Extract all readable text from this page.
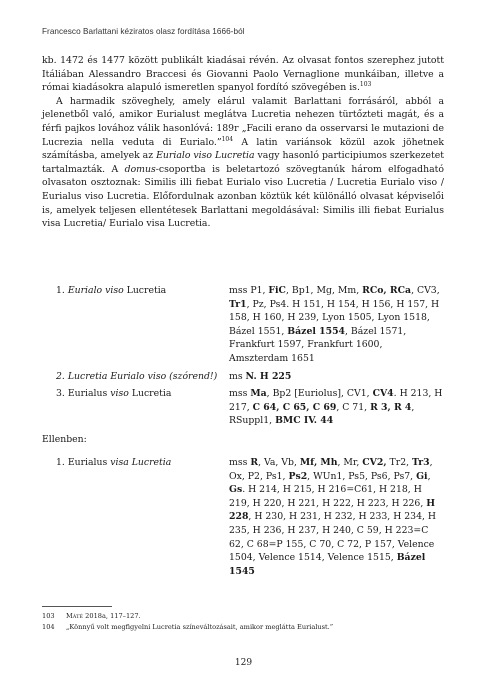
Francesco Barlattani kéziratos olasz fordítása 1666-ból

kb. 1472 és 1477 között publikált kiadásai révén. Az olvasat fontos szerephez jutott Itáliában Alessandro Braccesi és Giovanni Paolo Vernaglione munkáiban, illetve a római kiadásokra alapuló ismeretlen spanyol fordító szövegében is.$^{103}$

A harmadik szöveghely, amely elárul valamit Barlattani forrásáról, abból a jelenetből való, amikor Eurialust meglátva Lucretia nehezen türtőzteti magát, és a férfi pajkos lovához válik hasonlóvá: 189r „Facili erano da osservarsi le mutazioni de Lucrezia nella veduta di Eurialo.”$^{104}$ A latin variánsok közül azok jöhetnek számításba, amelyek az Eurialo viso Lucretia vagy hasonló participiumos szerkezetet tartalmazták. A domus-csoportba is beletartozó szövegtanúk három elfogadható olvasaton osztoznak: Similis illi fiebat Eurialo viso Lucretia / Lucretia Eurialo viso / Eurialus viso Lucretia. Előfordulnak azonban köztük két különálló olvasat képviselői is, amelyek teljesen ellentétesek Barlattani megoldásával: Similis illi fiebat Eurialus visa Lucretia/ Eurialo visa Lucretia.

1. Eurialo viso Lucretia	mss P1, FiC, Bp1, Mg, Mm, RCo, RCa, CV3, Tr1, Pz, Ps4. H 151, H 154, H 156, H 157, H 158, H 160, H 239, Lyon 1505, Lyon 1518, Bázel 1551, Bázel 1554, Bázel 1571, Frankfurt 1597, Frankfurt 1600, Amszterdam 1651
2. Lucretia Eurialo viso (szórend!)	ms N. H 225
3. Eurialus viso Lucretia	mss Ma, Bp2 [Euriolus], CV1, CV4. H 213, H 217, C 64, C 65, C 69, C 71, R 3, R 4, RSuppl1, BMC IV. 44
Ellenben:
1. Eurialus visa Lucretia	mss R, Va, Vb, Mf, Mh, Mr, CV2, Tr2, Tr3, Ox, P2, Ps1, Ps2, WUn1, Ps5, Ps6, Ps7, Gi, Gs. H 214, H 215, H 216=C61, H 218, H 219, H 220, H 221, H 222, H 223, H 226, H 228, H 230, H 231, H 232, H 233, H 234, H 235, H 236, H 237, H 240, C 59, H 223=C 62, C 68=P 155, C 70, C 72, P 157, Velence 1504, Velence 1514, Velence 1515, Bázel 1545
103	Máté 2018a, 117–127.
104	„Könnyű volt megfigyelni Lucretia színeváltozásait, amikor meglátta Eurialust.”
129
